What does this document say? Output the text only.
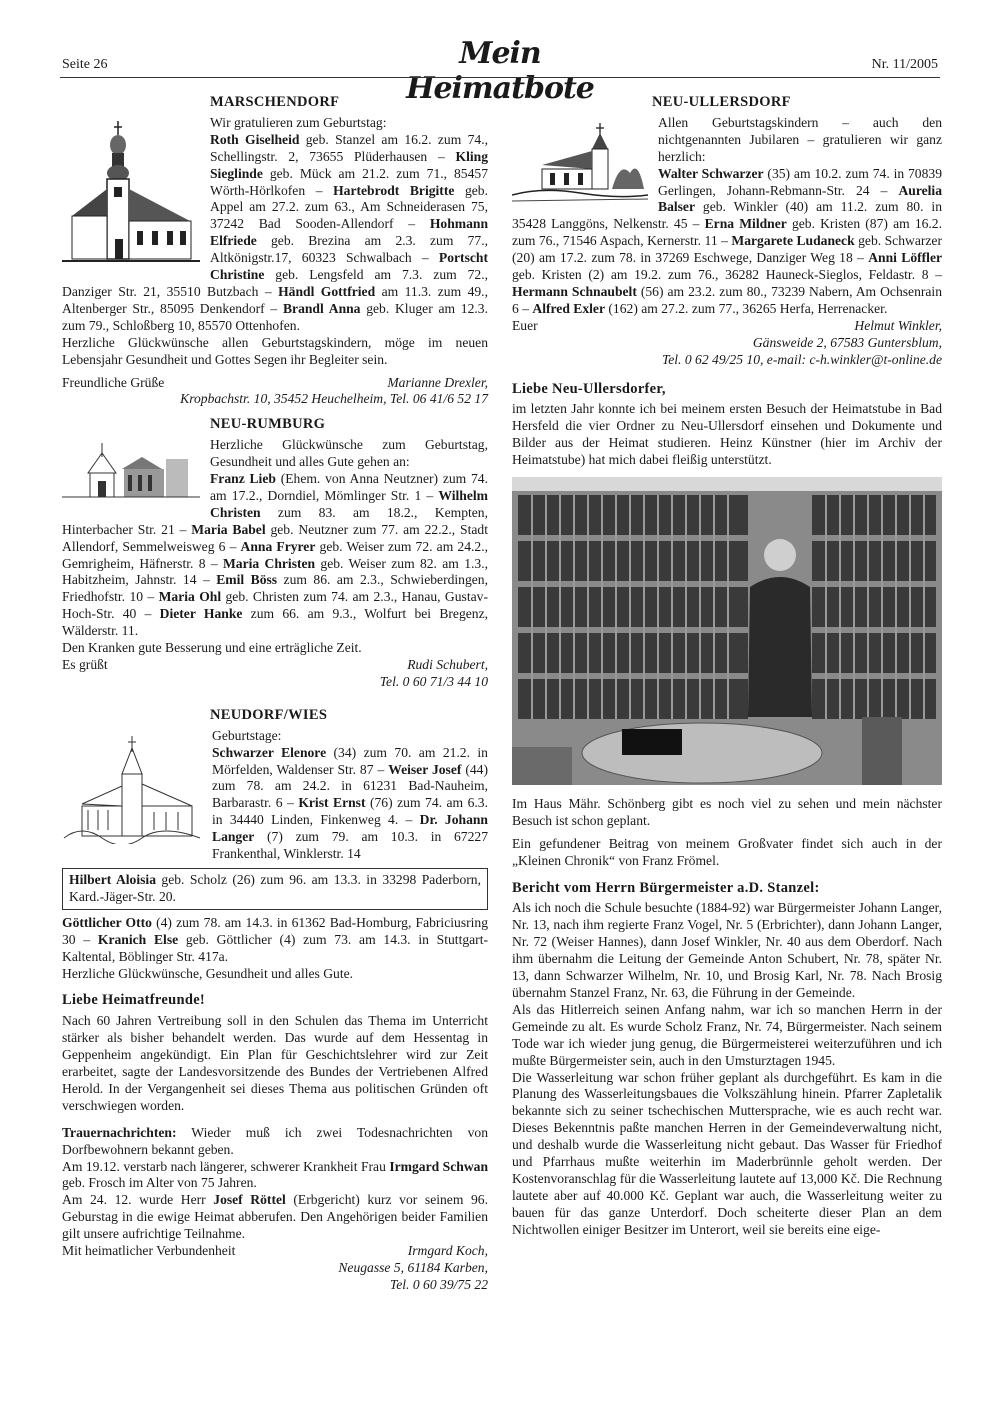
Seite 26	Mein Heimatbote
Nr. 11/2005
MARSCHENDORF

Wir gratulieren zum Geburtstag:
Roth Giselheid geb. Stanzel am 16.2. zum 74., Schellingstr. 2, 73655 Plüderhausen – Kling Sieglinde geb. Mück am 21.2. zum 71., 85457 Wörth-Hörlkofen – Hartebrodt Brigitte geb. Appel am 27.2. zum 63., Am Schneiderasen 75, 37242 Bad Sooden-Allendorf – Hohmann Elfriede geb. Brezina am 2.3. zum 77., Altkönigstr.17, 60323 Schwalbach – Portscht Christine geb. Lengsfeld am 7.3. zum 72., Danziger Str. 21, 35510 Butzbach – Händl Gottfried am 11.3. zum 49., Altenberger Str., 85095 Denkendorf – Brandl Anna geb. Kluger am 12.3. zum 79., Schloßberg 10, 85570 Ottenhofen.

Herzliche Glückwünsche allen Geburtstagskindern, möge im neuen Lebensjahr Gesundheit und Gottes Segen ihr Begleiter sein.

Freundliche Grüße	Marianne Drexler,

Kropbachstr. 10, 35452 Heuchelheim, Tel. 06 41/6 52 17

NEU-RUMBURG

Herzliche Glückwünsche zum Geburtstag, Gesundheit und alles Gute gehen an:
Franz Lieb (Ehem. von Anna Neutzner) zum 74. am 17.2., Dorndiel, Mömlinger Str. 1 – Wilhelm Christen zum 83. am 18.2., Kempten, Hinterbacher Str. 21 – Maria Babel geb. Neutzner zum 77. am 22.2., Stadt Allendorf, Semmelweisweg 6 – Anna Fryrer geb. Weiser zum 72. am 24.2., Gemrigheim, Häfnerstr. 8 – Maria Christen geb. Weiser zum 82. am 1.3., Habitzheim, Jahnstr. 14 – Emil Böss zum 86. am 2.3., Schwieberdingen, Friedhofstr. 10 – Maria Ohl geb. Christen zum 74. am 2.3., Hanau, Gustav-Hoch-Str. 40 – Dieter Hanke zum 66. am 9.3., Wolfurt bei Bregenz, Wälderstr. 11.

Den Kranken gute Besserung und eine erträgliche Zeit.

Es grüßt	Rudi Schubert,

Tel. 0 60 71/3 44 10

NEUDORF/WIES

Geburtstage:
Schwarzer Elenore (34) zum 70. am 21.2. in Mörfelden, Waldenser Str. 87 – Weiser Josef (44) zum 78. am 24.2. in 61231 Bad-Nauheim, Barbarastr. 6 – Krist Ernst (76) zum 74. am 6.3. in 34440 Linden, Finkenweg 4. – Dr. Johann Langer (7) zum 79. am 10.3. in 67227 Frankenthal, Winklerstr. 14

Hilbert Aloisia geb. Scholz (26) zum 96. am 13.3. in 33298 Paderborn, Kard.-Jäger-Str. 20.

Göttlicher Otto (4) zum 78. am 14.3. in 61362 Bad-Homburg, Fabriciusring 30 – Kranich Else geb. Göttlicher (4) zum 73. am 14.3. in Stuttgart-Kaltental, Böblinger Str. 417a.

Herzliche Glückwünsche, Gesundheit und alles Gute.

Liebe Heimatfreunde!

Nach 60 Jahren Vertreibung soll in den Schulen das Thema im Unterricht stärker als bisher behandelt werden. Das wurde auf dem Hessentag in Geppenheim angekündigt. Ein Plan für Geschichtslehrer wird zur Zeit erarbeitet, sagte der Landesvorsitzende des Bundes der Vertriebenen Alfred Herold. In der Vergangenheit sei dieses Thema aus politischen Gründen oft verschwiegen worden.

Trauernachrichten: Wieder muß ich zwei Todesnachrichten von Dorfbewohnern bekannt geben.

Am 19.12. verstarb nach längerer, schwerer Krankheit Frau Irmgard Schwan geb. Frosch im Alter von 75 Jahren.

Am 24. 12. wurde Herr Josef Röttel (Erbgericht) kurz vor seinem 96. Geburstag in die ewige Heimat abberufen. Den Angehörigen beider Familien gilt unsere aufrichtige Teilnahme.

Mit heimatlicher Verbundenheit	Irmgard Koch,

Neugasse 5, 61184 Karben,

Tel. 0 60 39/75 22

NEU-ULLERSDORF

Allen Geburtstagskindern – auch den nichtgenannten Jubilaren – gratulieren wir ganz herzlich:
Walter Schwarzer (35) am 10.2. zum 74. in 70839 Gerlingen, Johann-Rebmann-Str. 24 – Aurelia Balser geb. Winkler (40) am 11.2. zum 80. in 35428 Langgöns, Nelkenstr. 45 – Erna Mildner geb. Kristen (87) am 16.2. zum 76., 71546 Aspach, Kernerstr. 11 – Margarete Ludaneck geb. Schwarzer (20) am 17.2. zum 78. in 37269 Eschwege, Danziger Weg 18 – Anni Löffler geb. Kristen (2) am 19.2. zum 76., 36282 Hauneck-Sieglos, Feldastr. 8 – Hermann Schnaubelt (56) am 23.2. zum 80., 73239 Nabern, Am Ochsenrain 6 – Alfred Exler (162) am 27.2. zum 77., 36265 Herfa, Herrenacker.

Euer	Helmut Winkler,

Gänsweide 2, 67583 Guntersblum,

Tel. 0 62 49/25 10, e-mail: c-h.winkler@t-online.de

Liebe Neu-Ullersdorfer,

im letzten Jahr konnte ich bei meinem ersten Besuch der Heimatstube in Bad Hersfeld die vier Ordner zu Neu-Ullersdorf einsehen und Dokumente und Bilder aus der Heimat studieren. Heinz Künstner (hier im Archiv der Heimatstube) hat mich dabei fleißig unterstützt.

Im Haus Mähr. Schönberg gibt es noch viel zu sehen und mein nächster Besuch ist schon geplant.

Ein gefundener Beitrag von meinem Großvater findet sich auch in der „Kleinen Chronik“ von Franz Frömel.

Bericht vom Herrn Bürgermeister a.D. Stanzel:

Als ich noch die Schule besuchte (1884-92) war Bürgermeister Johann Langer, Nr. 13, nach ihm regierte Franz Vogel, Nr. 5 (Erbrichter), dann Johann Langer, Nr. 72 (Weiser Hannes), dann Josef Winkler, Nr. 40 aus dem Oberdorf. Nach ihm übernahm die Leitung der Gemeinde Anton Schubert, Nr. 78, später Nr. 13, dann Schwarzer Wilhelm, Nr. 10, und Brosig Karl, Nr. 78. Nach Brosig übernahm Stanzel Franz, Nr. 63, die Führung in der Gemeinde.

Als das Hitlerreich seinen Anfang nahm, war ich so manchen Herrn in der Gemeinde zu alt. Es wurde Scholz Franz, Nr. 74, Bürgermeister. Nach seinem Tode war ich wieder jung genug, die Bürgermeisterei weiterzuführen und ich mußte Bürgermeister sein, auch in den Umsturztagen 1945.

Die Wasserleitung war schon früher geplant als durchgeführt. Es kam in die Planung des Wasserleitungsbaues die Volkszählung hinein. Pfarrer Zapletalik bekannte sich zu seiner tschechischen Muttersprache, wie es auch recht war. Dieses Bekenntnis paßte manchen Herren in der Gemeindeverwaltung nicht, und deshalb wurde die Wasserleitung nicht gebaut. Das Wasser für Friedhof und Pfarrhaus mußte weiterhin im Maderbrünnle geholt werden. Der Kostenvoranschlag für die Wasserleitung lautete auf 13,000 Kč. Die Rechnung lautete aber auf 40.000 Kč. Geplant war auch, die Wasserleitung weiter zu bauen für das ganze Unterdorf. Doch scheiterte dieser Plan an dem Nichtwollen einiger Besitzer im Unterort, weil sie bereits eine eige-
